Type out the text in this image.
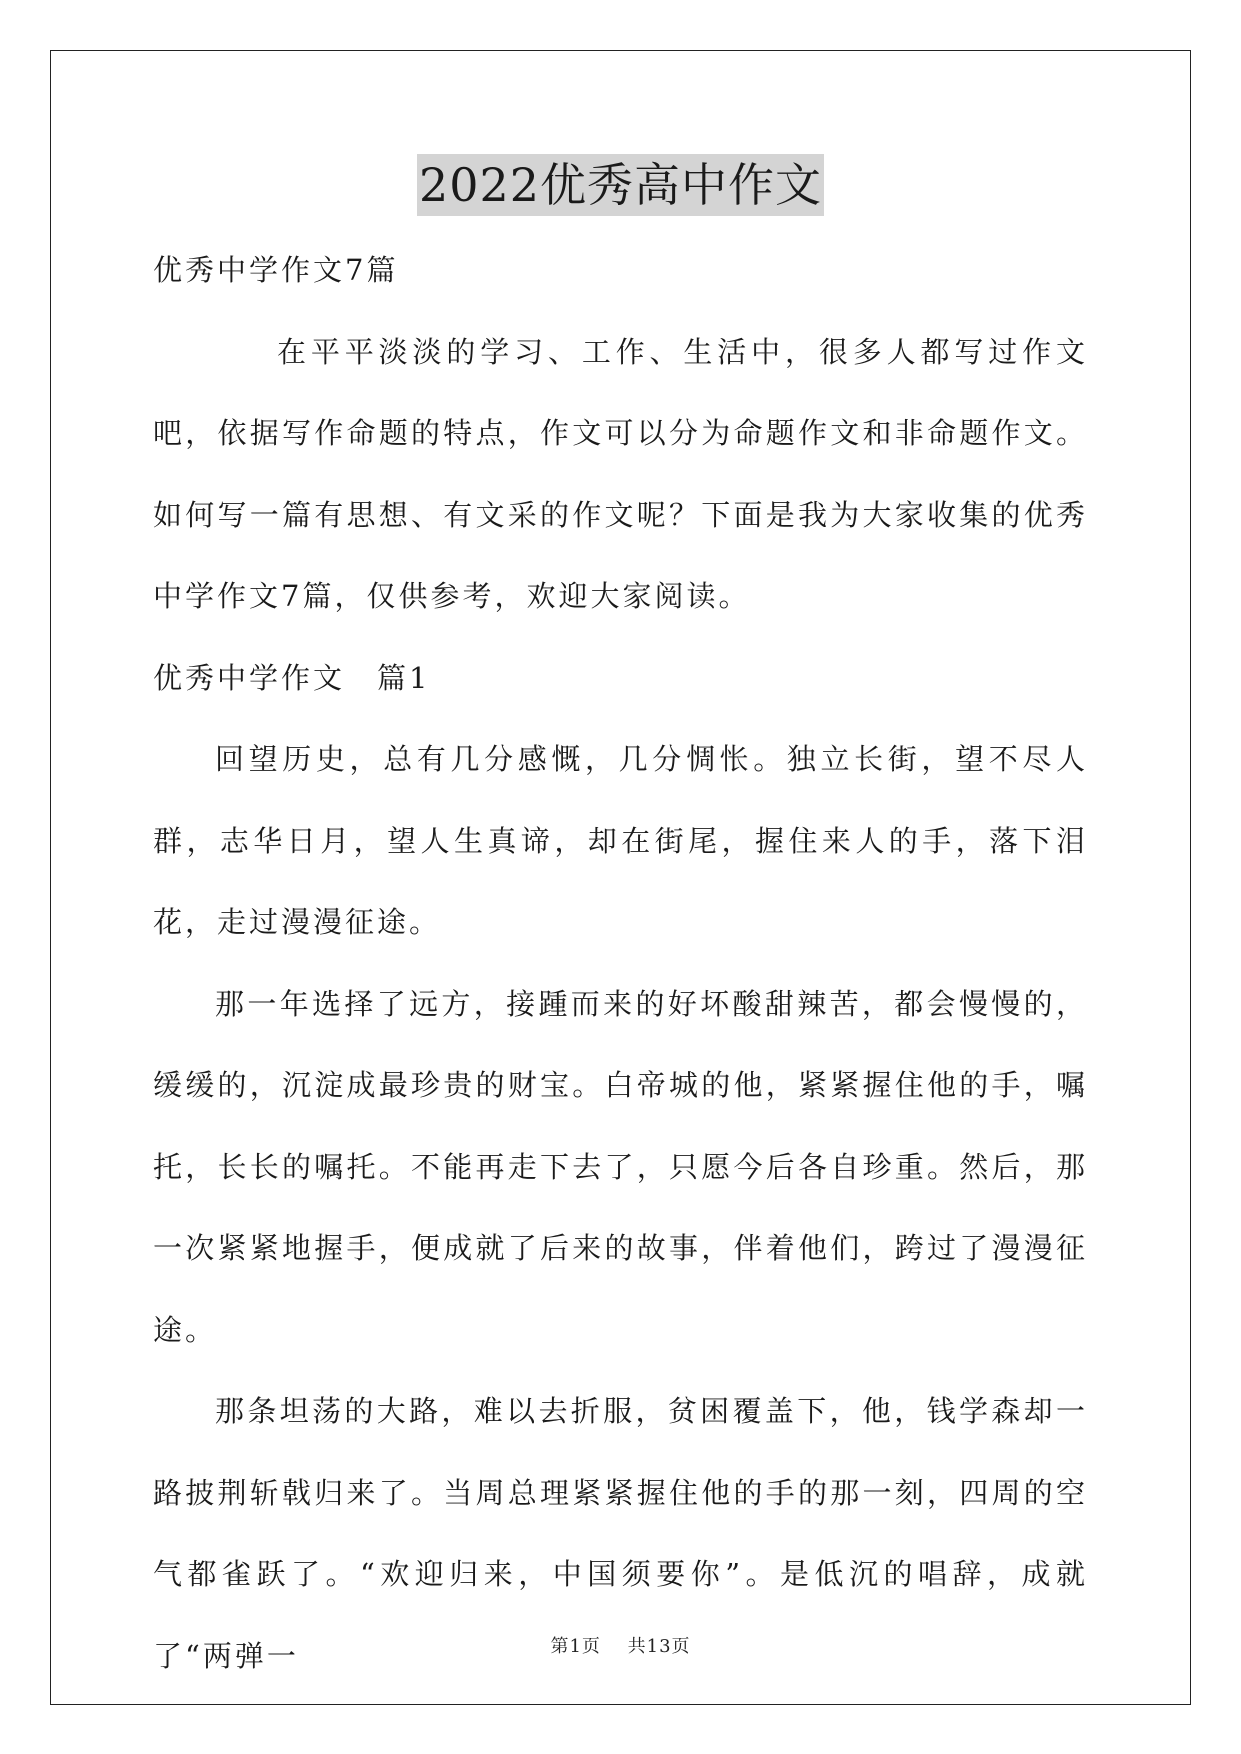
2022优秀高中作文
优秀中学作文7篇

在平平淡淡的学习、工作、生活中，很多人都写过作文吧，依据写作命题的特点，作文可以分为命题作文和非命题作文。如何写一篇有思想、有文采的作文呢？下面是我为大家收集的优秀中学作文7篇，仅供参考，欢迎大家阅读。

优秀中学作文　篇1

回望历史，总有几分感慨，几分惆怅。独立长街，望不尽人群，志华日月，望人生真谛，却在街尾，握住来人的手，落下泪花，走过漫漫征途。

那一年选择了远方，接踵而来的好坏酸甜辣苦，都会慢慢的，缓缓的，沉淀成最珍贵的财宝。白帝城的他，紧紧握住他的手，嘱托，长长的嘱托。不能再走下去了，只愿今后各自珍重。然后，那一次紧紧地握手，便成就了后来的故事，伴着他们，跨过了漫漫征途。

那条坦荡的大路，难以去折服，贫困覆盖下，他，钱学森却一路披荆斩戟归来了。当周总理紧紧握住他的手的那一刻，四周的空气都雀跃了。“欢迎归来，中国须要你”。是低沉的唱辞，成就了“两弹一	第1页 共13页
